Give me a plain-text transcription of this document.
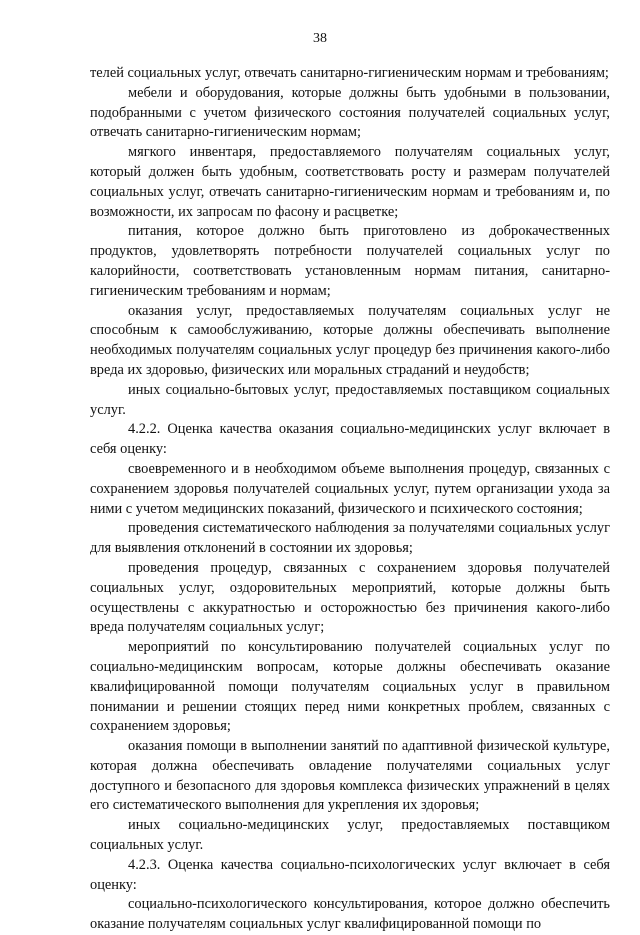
38

телей социальных услуг, отвечать санитарно-гигиеническим нормам и требованиям;

мебели и оборудования, которые должны быть удобными в пользовании, подобранными с учетом физического состояния получателей социальных услуг, отвечать санитарно-гигиеническим нормам;

мягкого инвентаря, предоставляемого получателям социальных услуг, который должен быть удобным, соответствовать росту и размерам получателей социальных услуг, отвечать санитарно-гигиеническим нормам и требованиям и, по возможности, их запросам по фасону и расцветке;

питания, которое должно быть приготовлено из доброкачественных продуктов, удовлетворять потребности получателей социальных услуг по калорийности, соответствовать установленным нормам питания, санитарно-гигиеническим требованиям и нормам;

оказания услуг, предоставляемых получателям социальных услуг не способным к самообслуживанию, которые должны обеспечивать выполнение необходимых получателям социальных услуг процедур без причинения какого-либо вреда их здоровью, физических или моральных страданий и неудобств;

иных социально-бытовых услуг, предоставляемых поставщиком социальных услуг.

4.2.2. Оценка качества оказания социально-медицинских услуг включает в себя оценку:

своевременного и в необходимом объеме выполнения процедур, связанных с сохранением здоровья получателей социальных услуг, путем организации ухода за ними с учетом медицинских показаний, физического и психического состояния;

проведения систематического наблюдения за получателями социальных услуг для выявления отклонений в состоянии их здоровья;

проведения процедур, связанных с сохранением здоровья получателей социальных услуг, оздоровительных мероприятий, которые должны быть осуществлены с аккуратностью и осторожностью без причинения какого-либо вреда получателям социальных услуг;

мероприятий по консультированию получателей социальных услуг по социально-медицинским вопросам, которые должны обеспечивать оказание квалифицированной помощи получателям социальных услуг в правильном понимании и решении стоящих перед ними конкретных проблем, связанных с сохранением здоровья;

оказания помощи в выполнении занятий по адаптивной физической культуре, которая должна обеспечивать овладение получателями социальных услуг доступного и безопасного для здоровья комплекса физических упражнений в целях его систематического выполнения для укрепления их здоровья;

иных социально-медицинских услуг, предоставляемых поставщиком социальных услуг.

4.2.3. Оценка качества социально-психологических услуг включает в себя оценку:

социально-психологического консультирования, которое должно обеспечить оказание получателям социальных услуг квалифицированной помощи по
